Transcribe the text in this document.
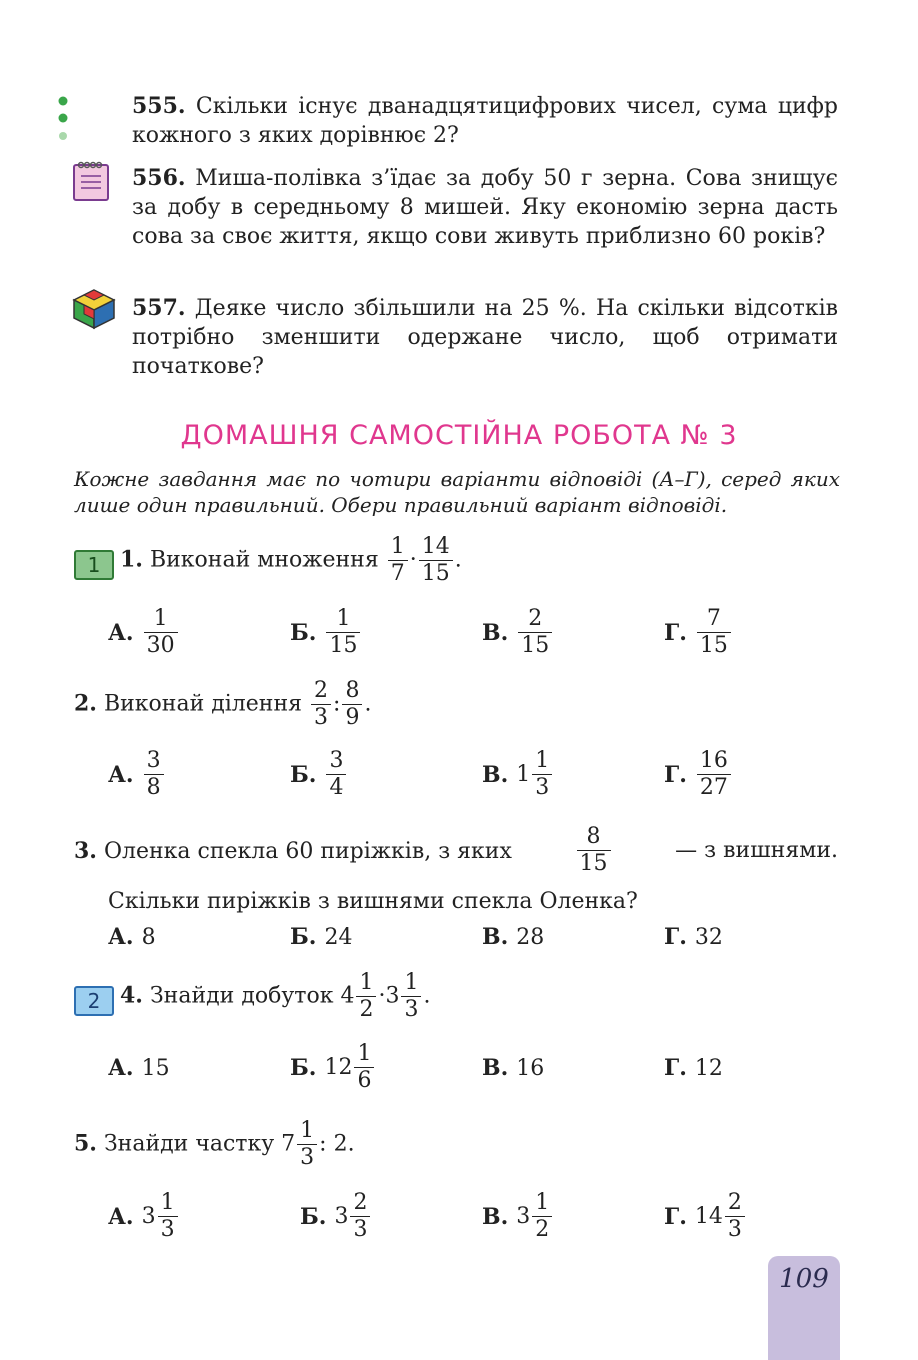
555. Скільки існує дванадцятицифрових чисел, сума цифр кожного з яких дорівнює 2?
556. Миша-полівка з’їдає за добу 50 г зерна. Сова знищує за добу в середньому 8 мишей. Яку економію зерна дасть сова за своє життя, якщо сови живуть приблизно 60 років?
557. Деяке число збільшили на 25 %. На скільки відсотків потрібно зменшити одержане число, щоб отримати початкове?
ДОМАШНЯ САМОСТІЙНА РОБОТА № 3
Кожне завдання має по чотири варіанти відповіді (А–Г), серед яких лише один правильний. Обери правильний варіант відповіді.
1 1. Виконай множення $\frac{1}{7} \cdot \frac{14}{15}$ .
А. $\frac{1}{30}$	Б. $\frac{1}{15}$	В. $\frac{2}{15}$	Г. $\frac{7}{15}$
2. Виконай ділення $\frac{2}{3}$ : $\frac{8}{9}$ .
А. $\frac{3}{8}$	Б. $\frac{3}{4}$	В. $1 \frac{1}{3}$	Г. $\frac{16}{27}$
3. Оленка спекла 60 пиріжків, з яких	$\frac{8}{15}$	— з вишнями.
Скільки пиріжків з вишнями спекла Оленка?
А. 8	Б. 24	В. 28	Г. 32
2 4. Знайди добуток $4 \frac{1}{2} \cdot 3 \frac{1}{3}$ .
А. 15	Б. $12 \frac{1}{6}$	В. 16	Г. 12
5. Знайди частку $7 \frac{1}{3}$ : 2.
А. $3 \frac{1}{3}$	Б. $3 \frac{2}{3}$	В. $3 \frac{1}{2}$	Г. $14 \frac{2}{3}$
109
